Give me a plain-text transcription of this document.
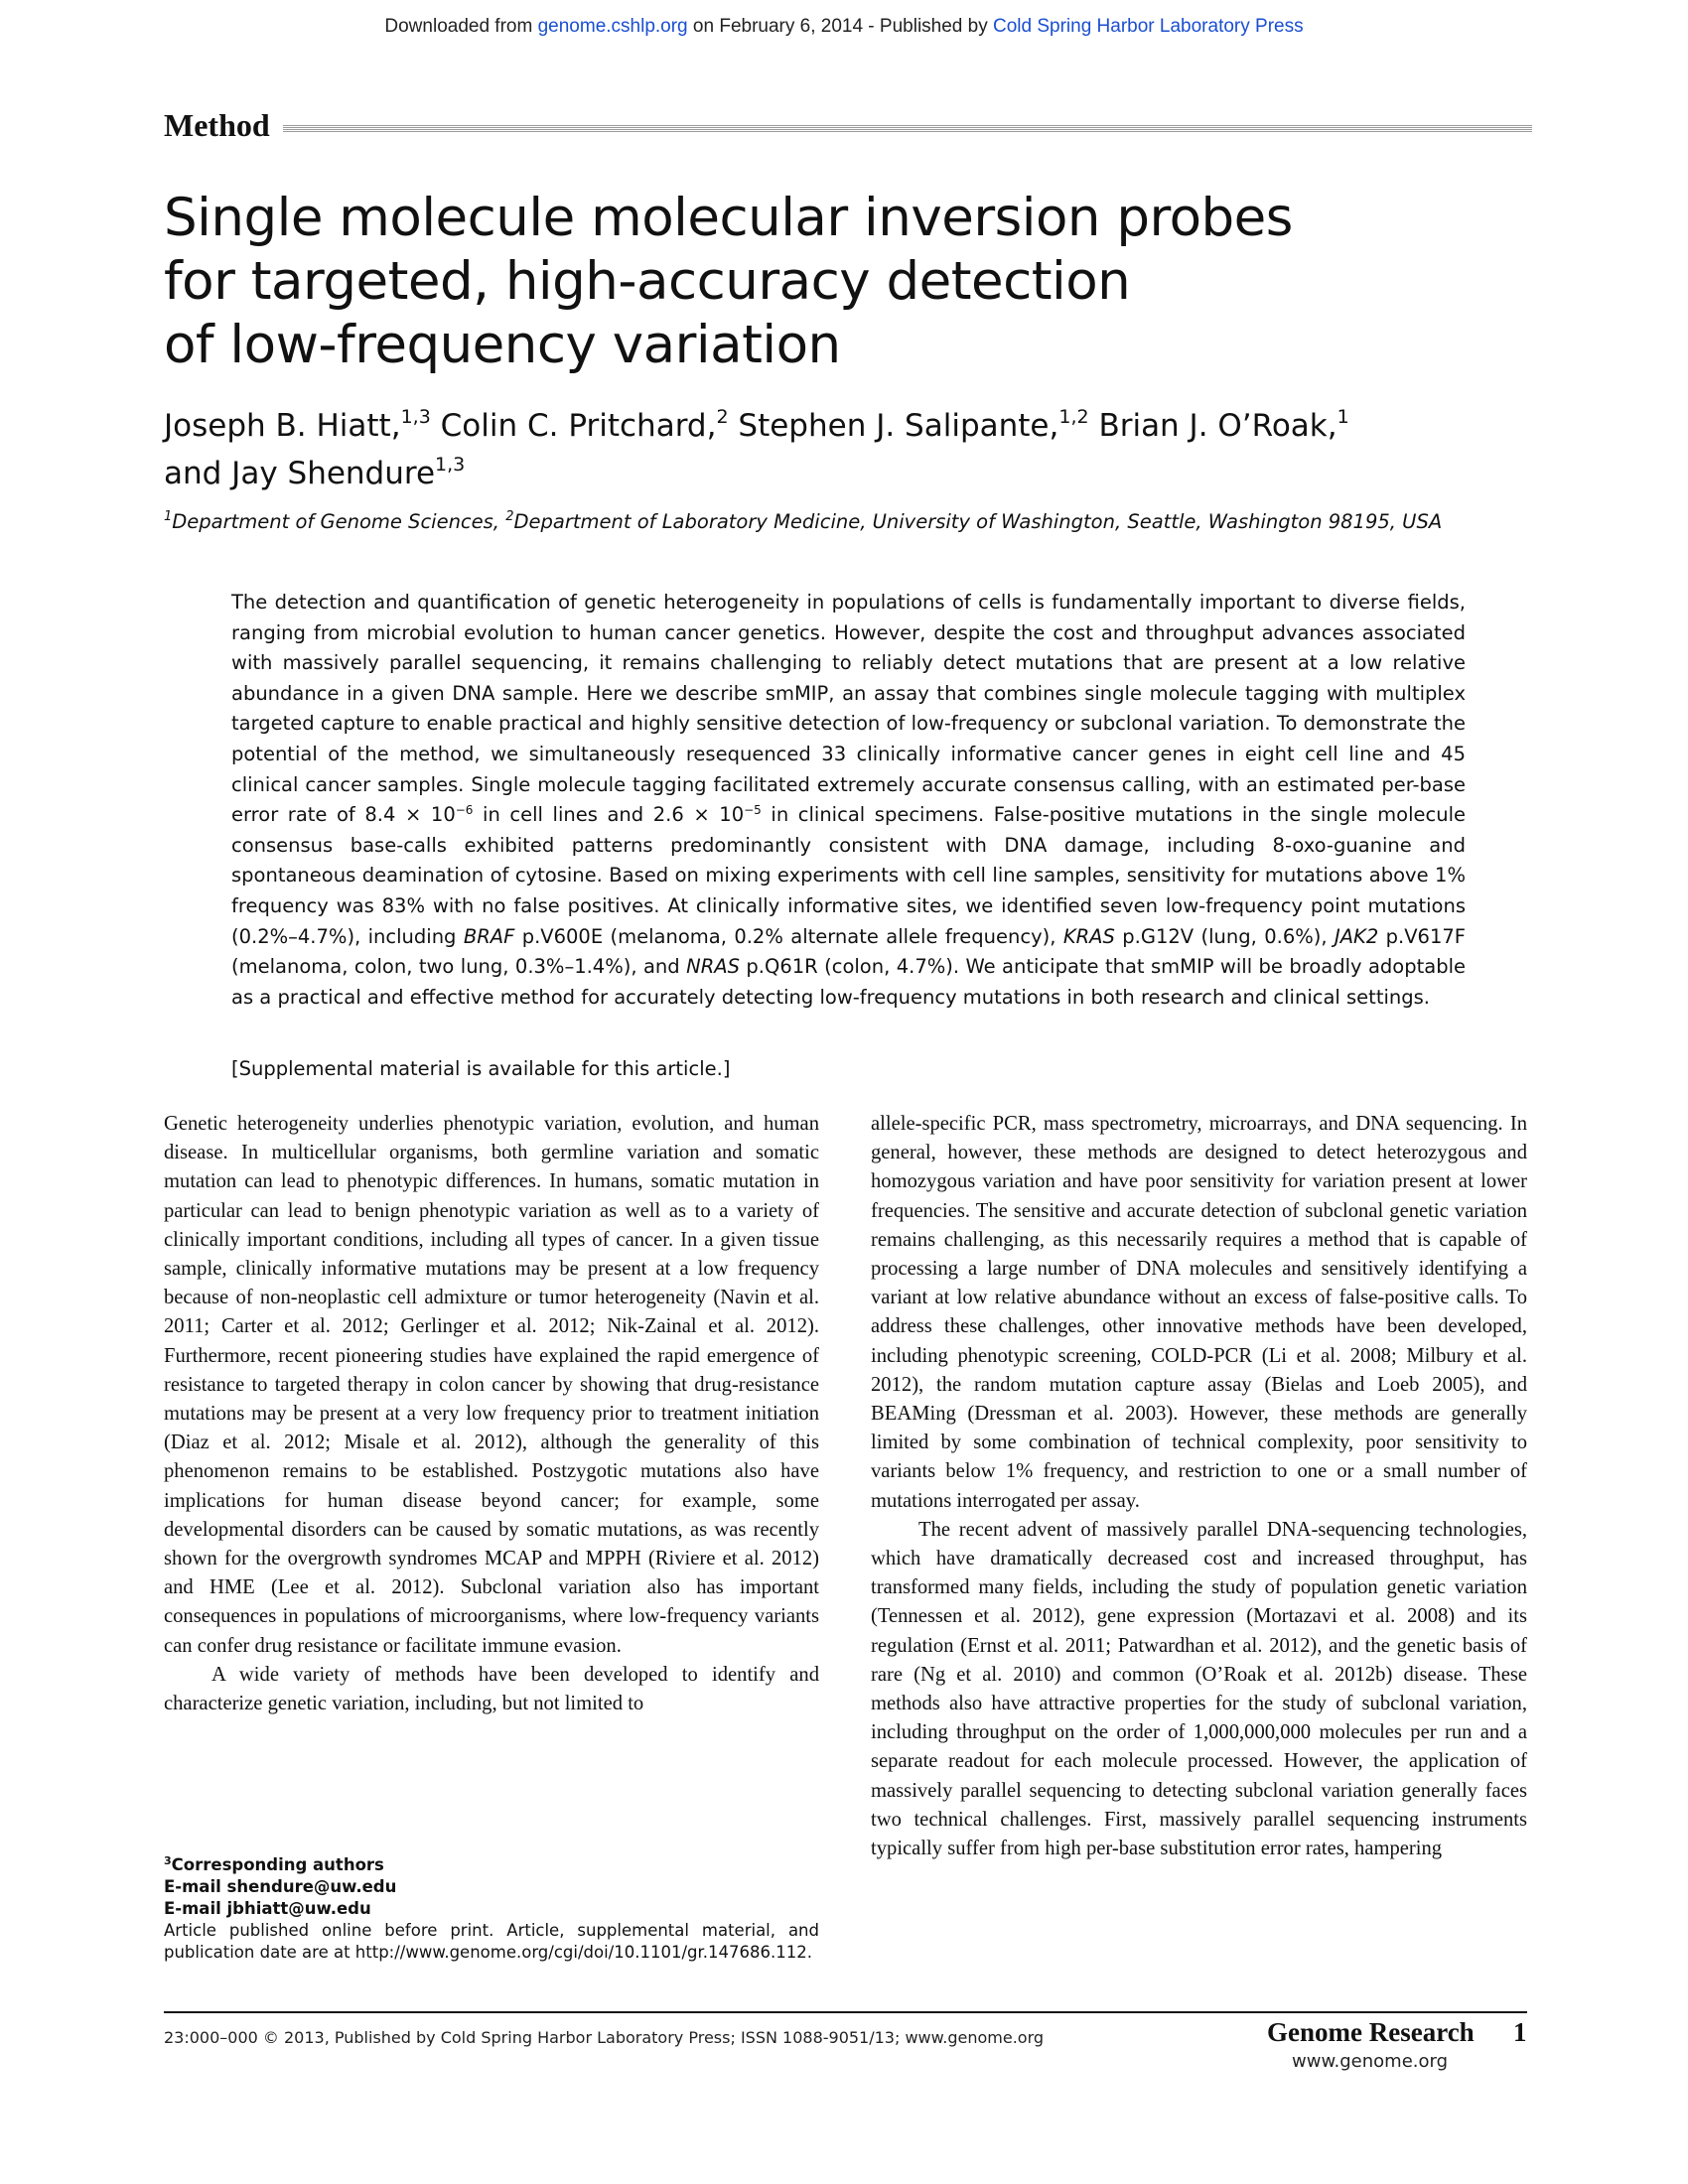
Downloaded from genome.cshlp.org on February 6, 2014 - Published by Cold Spring Harbor Laboratory Press
Method
Single molecule molecular inversion probes
for targeted, high-accuracy detection
of low-frequency variation
Joseph B. Hiatt,$^{1,3}$ Colin C. Pritchard,$^2$ Stephen J. Salipante,$^{1,2}$ Brian J. O’Roak,$^1$
and Jay Shendure$^{1,3}$
$^1$Department of Genome Sciences, $^2$Department of Laboratory Medicine, University of Washington, Seattle, Washington 98195, USA
The detection and quantification of genetic heterogeneity in populations of cells is fundamentally important to diverse fields, ranging from microbial evolution to human cancer genetics. However, despite the cost and throughput advances associated with massively parallel sequencing, it remains challenging to reliably detect mutations that are present at a low relative abundance in a given DNA sample. Here we describe smMIP, an assay that combines single molecule tagging with multiplex targeted capture to enable practical and highly sensitive detection of low-frequency or subclonal variation. To demonstrate the potential of the method, we simultaneously resequenced 33 clinically informative cancer genes in eight cell line and 45 clinical cancer samples. Single molecule tagging facilitated extremely accurate consensus calling, with an estimated per-base error rate of $8.4 \times 10^{-6}$ in cell lines and $2.6 \times 10^{-5}$ in clinical specimens. False-positive mutations in the single molecule consensus base-calls exhibited patterns predominantly consistent with DNA damage, including 8-oxo-guanine and spontaneous deamination of cytosine. Based on mixing experiments with cell line samples, sensitivity for mutations above 1% frequency was 83% with no false positives. At clinically informative sites, we identified seven low-frequency point mutations (0.2%–4.7%), including BRAF p.V600E (melanoma, 0.2% alternate allele frequency), KRAS p.G12V (lung, 0.6%), JAK2 p.V617F (melanoma, colon, two lung, 0.3%–1.4%), and NRAS p.Q61R (colon, 4.7%). We anticipate that smMIP will be broadly adoptable as a practical and effective method for accurately detecting low-frequency mutations in both research and clinical settings.
[Supplemental material is available for this article.]

Genetic heterogeneity underlies phenotypic variation, evolution, and human disease. In multicellular organisms, both germline variation and somatic mutation can lead to phenotypic differences. In humans, somatic mutation in particular can lead to benign phenotypic variation as well as to a variety of clinically important conditions, including all types of cancer. In a given tissue sample, clinically informative mutations may be present at a low frequency because of non-neoplastic cell admixture or tumor heterogeneity (Navin et al. 2011; Carter et al. 2012; Gerlinger et al. 2012; Nik-Zainal et al. 2012). Furthermore, recent pioneering studies have explained the rapid emergence of resistance to targeted therapy in colon cancer by showing that drug-resistance mutations may be present at a very low frequency prior to treatment initiation (Diaz et al. 2012; Misale et al. 2012), although the generality of this phenomenon remains to be established. Postzygotic mutations also have implications for human disease beyond cancer; for example, some developmental disorders can be caused by somatic mutations, as was recently shown for the overgrowth syndromes MCAP and MPPH (Riviere et al. 2012) and HME (Lee et al. 2012). Subclonal variation also has important consequences in populations of microorganisms, where low-frequency variants can confer drug resistance or facilitate immune evasion.

A wide variety of methods have been developed to identify and characterize genetic variation, including, but not limited to

allele-specific PCR, mass spectrometry, microarrays, and DNA sequencing. In general, however, these methods are designed to detect heterozygous and homozygous variation and have poor sensitivity for variation present at lower frequencies. The sensitive and accurate detection of subclonal genetic variation remains challenging, as this necessarily requires a method that is capable of processing a large number of DNA molecules and sensitively identifying a variant at low relative abundance without an excess of false-positive calls. To address these challenges, other innovative methods have been developed, including phenotypic screening, COLD-PCR (Li et al. 2008; Milbury et al. 2012), the random mutation capture assay (Bielas and Loeb 2005), and BEAMing (Dressman et al. 2003). However, these methods are generally limited by some combination of technical complexity, poor sensitivity to variants below 1% frequency, and restriction to one or a small number of mutations interrogated per assay.

The recent advent of massively parallel DNA-sequencing technologies, which have dramatically decreased cost and increased throughput, has transformed many fields, including the study of population genetic variation (Tennessen et al. 2012), gene expression (Mortazavi et al. 2008) and its regulation (Ernst et al. 2011; Patwardhan et al. 2012), and the genetic basis of rare (Ng et al. 2010) and common (O’Roak et al. 2012b) disease. These methods also have attractive properties for the study of subclonal variation, including throughput on the order of 1,000,000,000 molecules per run and a separate readout for each molecule processed. However, the application of massively parallel sequencing to detecting subclonal variation generally faces two technical challenges. First, massively parallel sequencing instruments typically suffer from high per-base substitution error rates, hampering

$^3$Corresponding authors
E-mail shendure@uw.edu
E-mail jbhiatt@uw.edu
Article published online before print. Article, supplemental material, and publication date are at http://www.genome.org/cgi/doi/10.1101/gr.147686.112.
23:000–000 © 2013, Published by Cold Spring Harbor Laboratory Press; ISSN 1088-9051/13; www.genome.org	Genome Research 1
www.genome.org
